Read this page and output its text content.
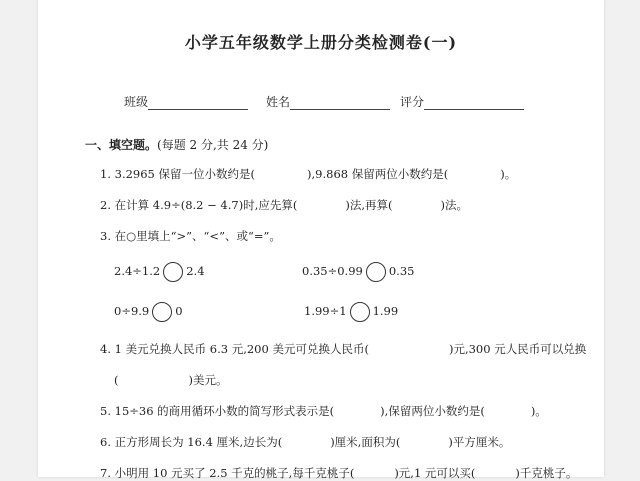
小学五年级数学上册分类检测卷(一)
班级	姓名	评分
一、填空题。(每题 2 分,共 24 分)
1. 3.2965 保留一位小数约是(	),9.868 保留两位小数约是(	)。
2. 在计算 4.9÷(8.2 − 4.7)时,应先算(	)法,再算(	)法。
3. 在○里填上“>”、“<”、或“=”。
2.4÷1.2 2.4	0.35÷0.99 0.35
0÷9.9 0	1.99÷1 1.99
4. 1 美元兑换人民币 6.3 元,200 美元可兑换人民币(	)元,300 元人民币可以兑换
(	)美元。
5. 15÷36 的商用循环小数的简写形式表示是(	),保留两位小数约是(	)。
6. 正方形周长为 16.4 厘米,边长为(	)厘米,面积为(	)平方厘米。
7. 小明用 10 元买了 2.5 千克的桃子,每千克桃子(	)元,1 元可以买(	)千克桃子。
